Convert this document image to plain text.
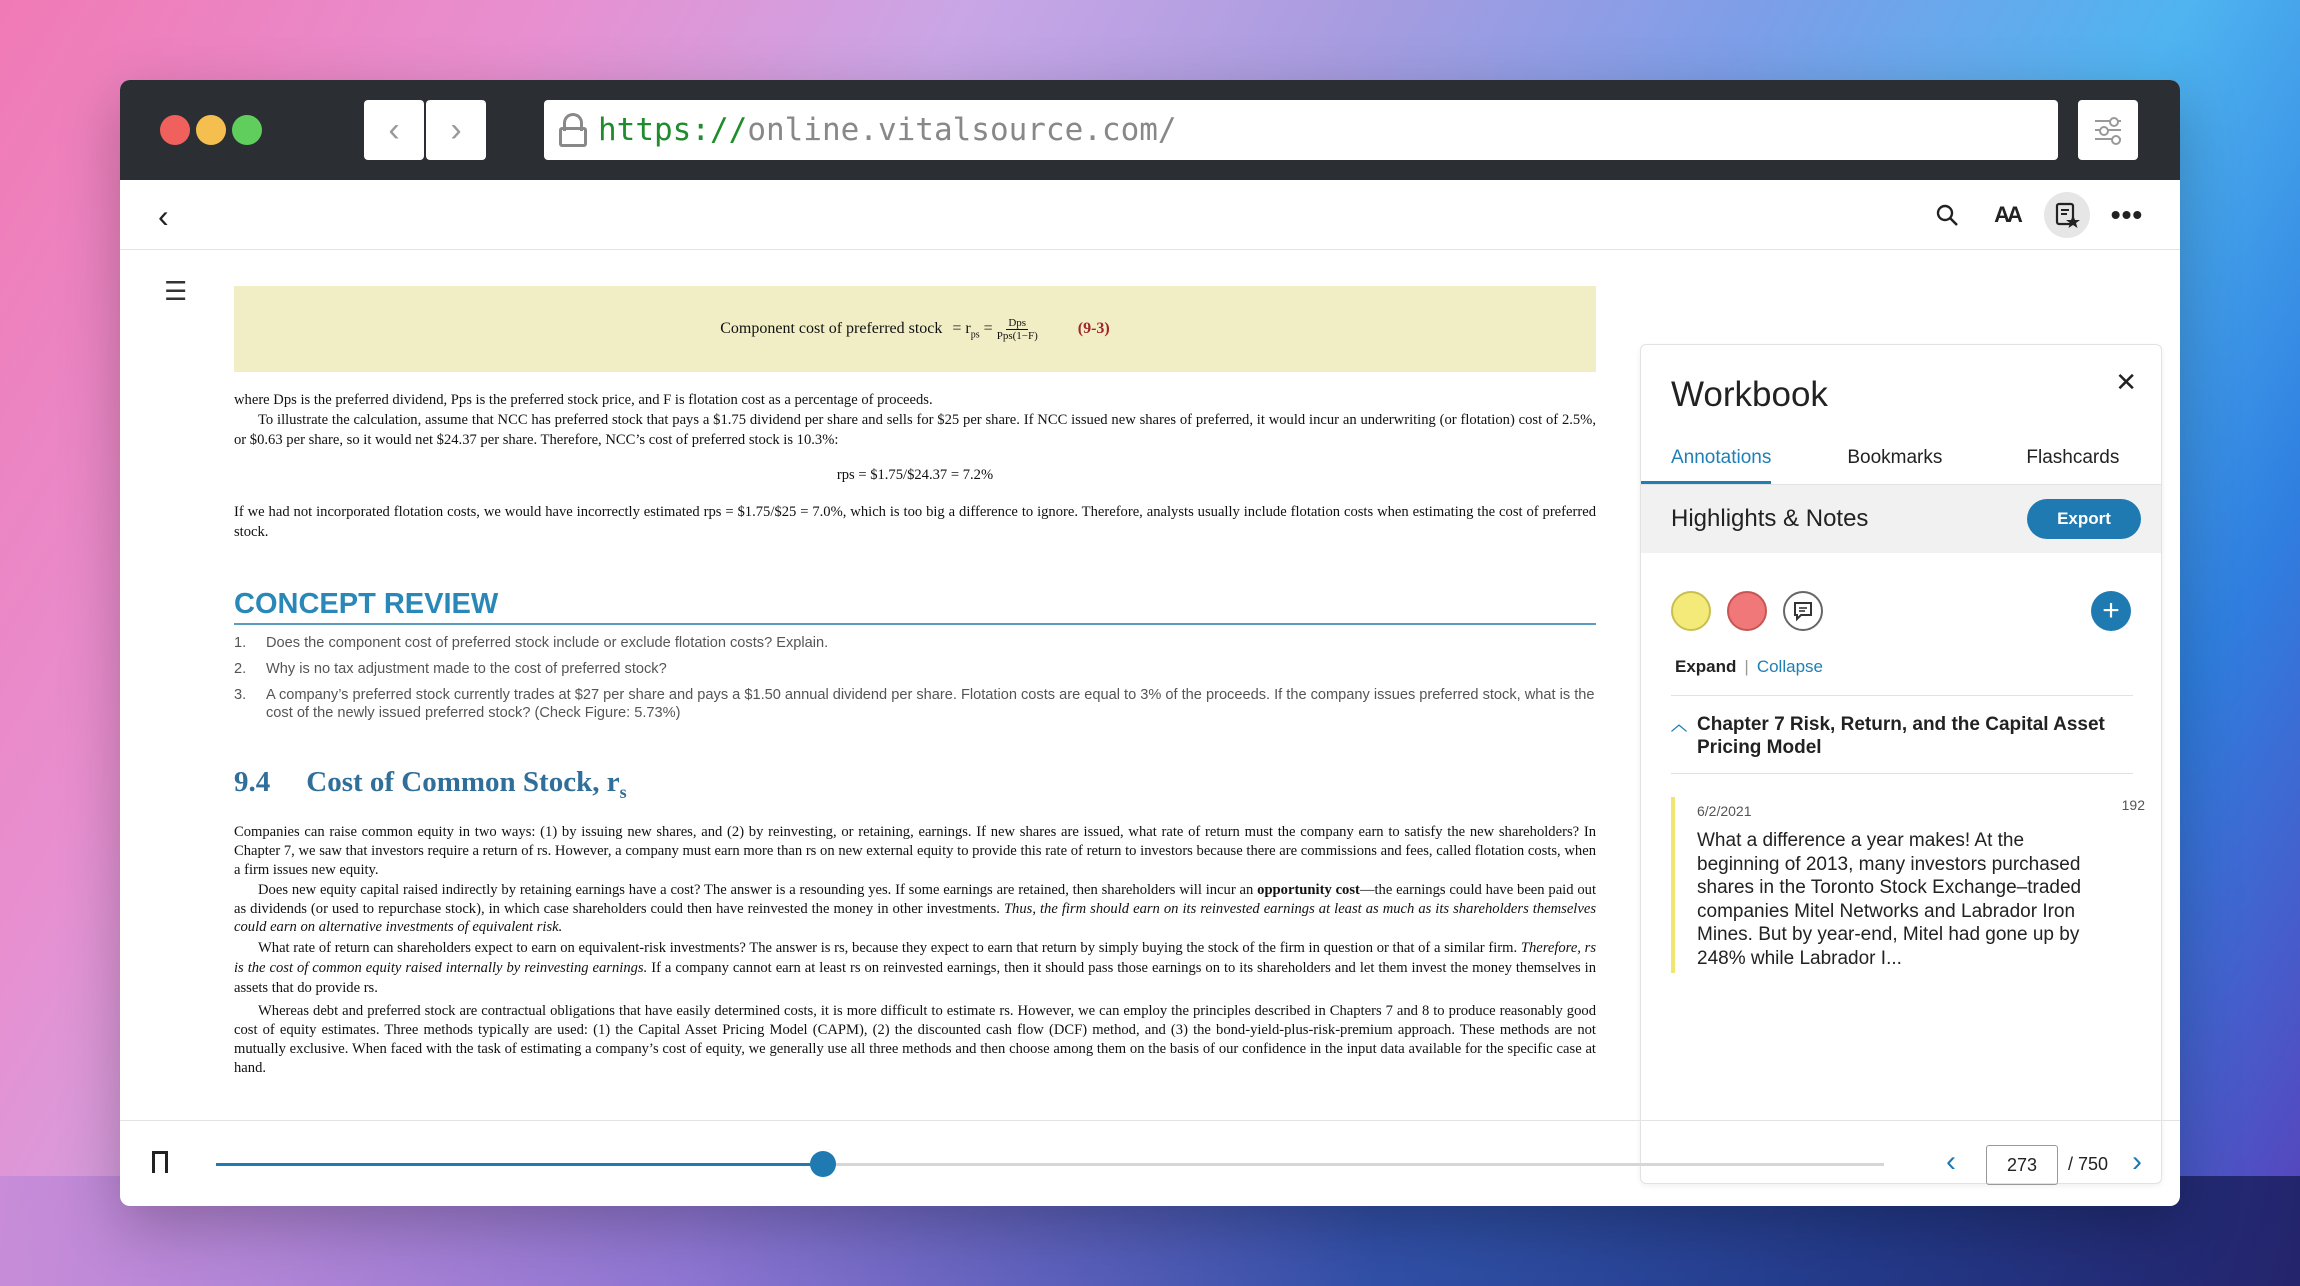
‹ ›	https:// online.vitalsource.com/
‹	AA	•••
☰
Component cost of preferred stock = $r_{ps} = \frac{\text{Dps}}{\text{Pps(1−F)}}$	(9-3)

where Dps is the preferred dividend, Pps is the preferred stock price, and F is flotation cost as a percentage of proceeds.

To illustrate the calculation, assume that NCC has preferred stock that pays a $1.75 dividend per share and sells for $25 per share. If NCC issued new shares of preferred, it would incur an underwriting (or flotation) cost of 2.5%, or $0.63 per share, so it would net $24.37 per share. Therefore, NCC’s cost of preferred stock is 10.3%:

rps = $1.75/$24.37 = 7.2%

If we had not incorporated flotation costs, we would have incorrectly estimated rps = $1.75/$25 = 7.0%, which is too big a difference to ignore. Therefore, analysts usually include flotation costs when estimating the cost of preferred stock.

CONCEPT REVIEW
1.	Does the component cost of preferred stock include or exclude flotation costs? Explain.
2.	Why is no tax adjustment made to the cost of preferred stock?
3.	A company’s preferred stock currently trades at $27 per share and pays a $1.50 annual dividend per share. Flotation costs are equal to 3% of the proceeds. If the company issues preferred stock, what is the cost of the newly issued preferred stock? (Check Figure: 5.73%)
9.4 Cost of Common Stock, $r_s$

Companies can raise common equity in two ways: (1) by issuing new shares, and (2) by reinvesting, or retaining, earnings. If new shares are issued, what rate of return must the company earn to satisfy the new shareholders? In Chapter 7, we saw that investors require a return of rs. However, a company must earn more than rs on new external equity to provide this rate of return to investors because there are commissions and fees, called flotation costs, when a firm issues new equity.

Does new equity capital raised indirectly by retaining earnings have a cost? The answer is a resounding yes. If some earnings are retained, then shareholders will incur an opportunity cost—the earnings could have been paid out as dividends (or used to repurchase stock), in which case shareholders could then have reinvested the money in other investments. Thus, the firm should earn on its reinvested earnings at least as much as its shareholders themselves could earn on alternative investments of equivalent risk.

What rate of return can shareholders expect to earn on equivalent-risk investments? The answer is rs, because they expect to earn that return by simply buying the stock of the firm in question or that of a similar firm. Therefore, rs is the cost of common equity raised internally by reinvesting earnings. If a company cannot earn at least rs on reinvested earnings, then it should pass those earnings on to its shareholders and let them invest the money themselves in assets that do provide rs.

Whereas debt and preferred stock are contractual obligations that have easily determined costs, it is more difficult to estimate rs. However, we can employ the principles described in Chapters 7 and 8 to produce reasonably good cost of equity estimates. Three methods typically are used: (1) the Capital Asset Pricing Model (CAPM), (2) the discounted cash flow (DCF) method, and (3) the bond-yield-plus-risk-premium approach. These methods are not mutually exclusive. When faced with the task of estimating a company’s cost of equity, we generally use all three methods and then choose among them on the basis of our confidence in the input data available for the specific case at hand.

Workbook	✕
Annotations	Bookmarks	Flashcards
Highlights & Notes	Export
+
Expand | Collapse
︿ Chapter 7 Risk, Return, and the Capital Asset Pricing Model
6/2/2021	192
What a difference a year makes! At the beginning of 2013, many investors purchased shares in the Toronto Stock Exchange–traded companies Mitel Networks and Labrador Iron Mines. But by year-end, Mitel had gone up by 248% while Labrador I...
‹	273	/ 750 ›
